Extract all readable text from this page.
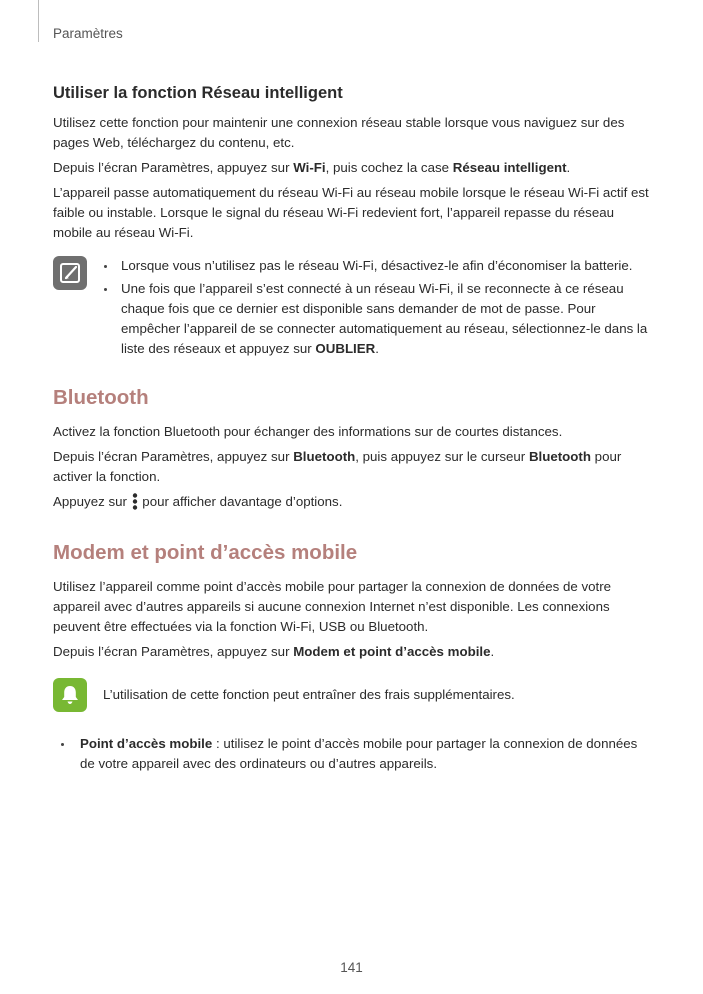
Paramètres
Utiliser la fonction Réseau intelligent

Utilisez cette fonction pour maintenir une connexion réseau stable lorsque vous naviguez sur des pages Web, téléchargez du contenu, etc.

Depuis l’écran Paramètres, appuyez sur Wi-Fi, puis cochez la case Réseau intelligent.

L’appareil passe automatiquement du réseau Wi-Fi au réseau mobile lorsque le réseau Wi-Fi actif est faible ou instable. Lorsque le signal du réseau Wi-Fi redevient fort, l’appareil repasse du réseau mobile au réseau Wi-Fi.

Lorsque vous n’utilisez pas le réseau Wi-Fi, désactivez-le afin d’économiser la batterie.
Une fois que l’appareil s’est connecté à un réseau Wi-Fi, il se reconnecte à ce réseau chaque fois que ce dernier est disponible sans demander de mot de passe. Pour empêcher l’appareil de se connecter automatiquement au réseau, sélectionnez-le dans la liste des réseaux et appuyez sur OUBLIER.
Bluetooth

Activez la fonction Bluetooth pour échanger des informations sur de courtes distances.

Depuis l’écran Paramètres, appuyez sur Bluetooth, puis appuyez sur le curseur Bluetooth pour activer la fonction.

Appuyez sur  pour afficher davantage d’options.

Modem et point d’accès mobile

Utilisez l’appareil comme point d’accès mobile pour partager la connexion de données de votre appareil avec d’autres appareils si aucune connexion Internet n’est disponible. Les connexions peuvent être effectuées via la fonction Wi-Fi, USB ou Bluetooth.

Depuis l’écran Paramètres, appuyez sur Modem et point d’accès mobile.

L’utilisation de cette fonction peut entraîner des frais supplémentaires.

Point d’accès mobile : utilisez le point d’accès mobile pour partager la connexion de données de votre appareil avec des ordinateurs ou d’autres appareils.
141
